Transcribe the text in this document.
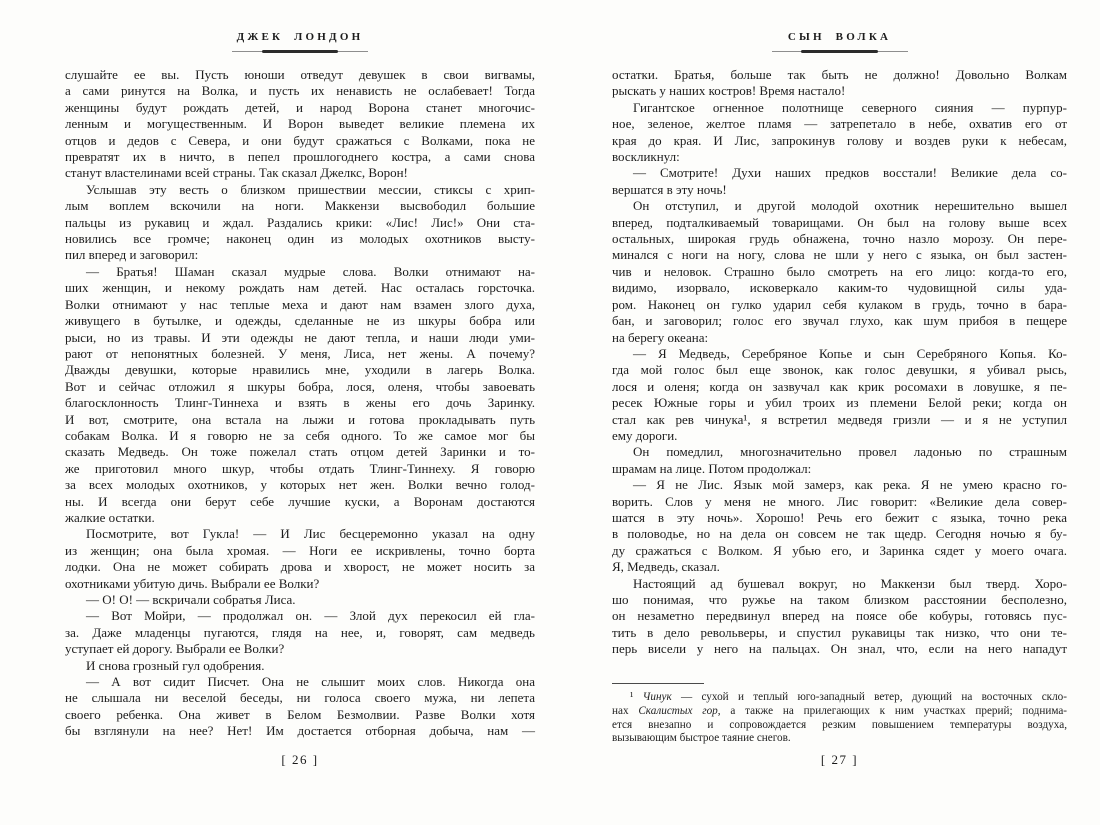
ДЖЕК ЛОНДОН
слушайте ее вы. Пусть юноши отведут девушек в свои вигвамы,
а сами ринутся на Волка, и пусть их ненависть не ослабевает! Тогда
женщины будут рождать детей, и народ Ворона станет многочис-
ленным и могущественным. И Ворон выведет великие племена их
отцов и дедов с Севера, и они будут сражаться с Волками, пока не
превратят их в ничто, в пепел прошлогоднего костра, а сами снова
станут властелинами всей страны. Так сказал Джелкс, Ворон!
Услышав эту весть о близком пришествии мессии, стиксы с хрип-
лым воплем вскочили на ноги. Маккензи высвободил большие
пальцы из рукавиц и ждал. Раздались крики: «Лис! Лис!» Они ста-
новились все громче; наконец один из молодых охотников высту-
пил вперед и заговорил:
— Братья! Шаман сказал мудрые слова. Волки отнимают на-
ших женщин, и некому рождать нам детей. Нас осталась горсточка.
Волки отнимают у нас теплые меха и дают нам взамен злого духа,
живущего в бутылке, и одежды, сделанные не из шкуры бобра или
рыси, но из травы. И эти одежды не дают тепла, и наши люди уми-
рают от непонятных болезней. У меня, Лиса, нет жены. А почему?
Дважды девушки, которые нравились мне, уходили в лагерь Волка.
Вот и сейчас отложил я шкуры бобра, лося, оленя, чтобы завоевать
благосклонность Тлинг-Тиннеха и взять в жены его дочь Заринку.
И вот, смотрите, она встала на лыжи и готова прокладывать путь
собакам Волка. И я говорю не за себя одного. То же самое мог бы
сказать Медведь. Он тоже пожелал стать отцом детей Заринки и то-
же приготовил много шкур, чтобы отдать Тлинг-Тиннеху. Я говорю
за всех молодых охотников, у которых нет жен. Волки вечно голод-
ны. И всегда они берут себе лучшие куски, а Воронам достаются
жалкие остатки.
Посмотрите, вот Гукла! — И Лис бесцеремонно указал на одну
из женщин; она была хромая. — Ноги ее искривлены, точно борта
лодки. Она не может собирать дрова и хворост, не может носить за
охотниками убитую дичь. Выбрали ее Волки?
— О! О! — вскричали собратья Лиса.
— Вот Мойри, — продолжал он. — Злой дух перекосил ей гла-
за. Даже младенцы пугаются, глядя на нее, и, говорят, сам медведь
уступает ей дорогу. Выбрали ее Волки?
И снова грозный гул одобрения.
— А вот сидит Писчет. Она не слышит моих слов. Никогда она
не слышала ни веселой беседы, ни голоса своего мужа, ни лепета
своего ребенка. Она живет в Белом Безмолвии. Разве Волки хотя
бы взглянули на нее? Нет! Им достается отборная добыча, нам —
[ 26 ]
СЫН ВОЛКА
остатки. Братья, больше так быть не должно! Довольно Волкам
рыскать у наших костров! Время настало!
Гигантское огненное полотнище северного сияния — пурпур-
ное, зеленое, желтое пламя — затрепетало в небе, охватив его от
края до края. И Лис, запрокинув голову и воздев руки к небесам,
воскликнул:
— Смотрите! Духи наших предков восстали! Великие дела со-
вершатся в эту ночь!
Он отступил, и другой молодой охотник нерешительно вышел
вперед, подталкиваемый товарищами. Он был на голову выше всех
остальных, широкая грудь обнажена, точно назло морозу. Он пере-
минался с ноги на ногу, слова не шли у него с языка, он был застен-
чив и неловок. Страшно было смотреть на его лицо: когда-то его,
видимо, изорвало, исковеркало каким-то чудовищной силы уда-
ром. Наконец он гулко ударил себя кулаком в грудь, точно в бара-
бан, и заговорил; голос его звучал глухо, как шум прибоя в пещере
на берегу океана:
— Я Медведь, Серебряное Копье и сын Серебряного Копья. Ко-
гда мой голос был еще звонок, как голос девушки, я убивал рысь,
лося и оленя; когда он зазвучал как крик росомахи в ловушке, я пе-
ресек Южные горы и убил троих из племени Белой реки; когда он
стал как рев чинука¹, я встретил медведя гризли — и я не уступил
ему дороги.
Он помедлил, многозначительно провел ладонью по страшным
шрамам на лице. Потом продолжал:
— Я не Лис. Язык мой замерз, как река. Я не умею красно го-
ворить. Слов у меня не много. Лис говорит: «Великие дела совер-
шатся в эту ночь». Хорошо! Речь его бежит с языка, точно река
в половодье, но на дела он совсем не так щедр. Сегодня ночью я бу-
ду сражаться с Волком. Я убью его, и Заринка сядет у моего очага.
Я, Медведь, сказал.
Настоящий ад бушевал вокруг, но Маккензи был тверд. Хоро-
шо понимая, что ружье на таком близком расстоянии бесполезно,
он незаметно передвинул вперед на поясе обе кобуры, готовясь пус-
тить в дело револьверы, и спустил рукавицы так низко, что они те-
перь висели у него на пальцах. Он знал, что, если на него нападут
¹ Чинук — сухой и теплый юго-западный ветер, дующий на восточных скло-
нах Скалистых гор, а также на прилегающих к ним участках прерий; поднима-
ется внезапно и сопровождается резким повышением температуры воздуха,
вызывающим быстрое таяние снегов.
[ 27 ]
